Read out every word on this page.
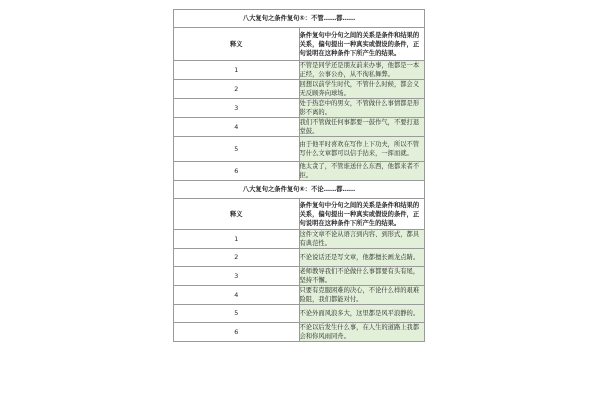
八大复句之条件复句⑤：不管……都……	
释义	条件复句中分句之间的关系是条件和结果的关系，偏句提出一种真实或假设的条件，正句说明在这种条件下所产生的结果。
1	不管是同学还是朋友前来办事，他都是一本正经，公事公办，从不徇私舞弊。
2	回想以前学生时代，不管什么时候，都会义无反顾奔向球场。
3	处于热恋中的男女，不管做什么事情都是形影不离的。
4	我们不管做任何事都要一鼓作气，不要打退堂鼓。
5	由于他平时喜欢在写作上下功夫，所以不管写什么文章都可以信手拈来，一挥而就。
6	他太贪了，不管谁送什么东西，他都来者不拒。
八大复句之条件复句⑥：不论……都……	
释义	条件复句中分句之间的关系是条件和结果的关系，偏句提出一种真实或假设的条件，正句说明在这种条件下所产生的结果。
1	这件文章不论从语言到内容、到形式，都具有典范性。
2	不论说话还是写文章，他都擅长画龙点睛。
3	老师教导我们不论做什么事都要有头有尾，坚持不懈。
4	只要有克服困难的决心，不论什么样的艰难险阻，我们都能对付。
5	不论外面风浪多大，这里都是风平浪静的。
6	不论以后发生什么事，在人生的道路上我都会和你风雨同舟。
